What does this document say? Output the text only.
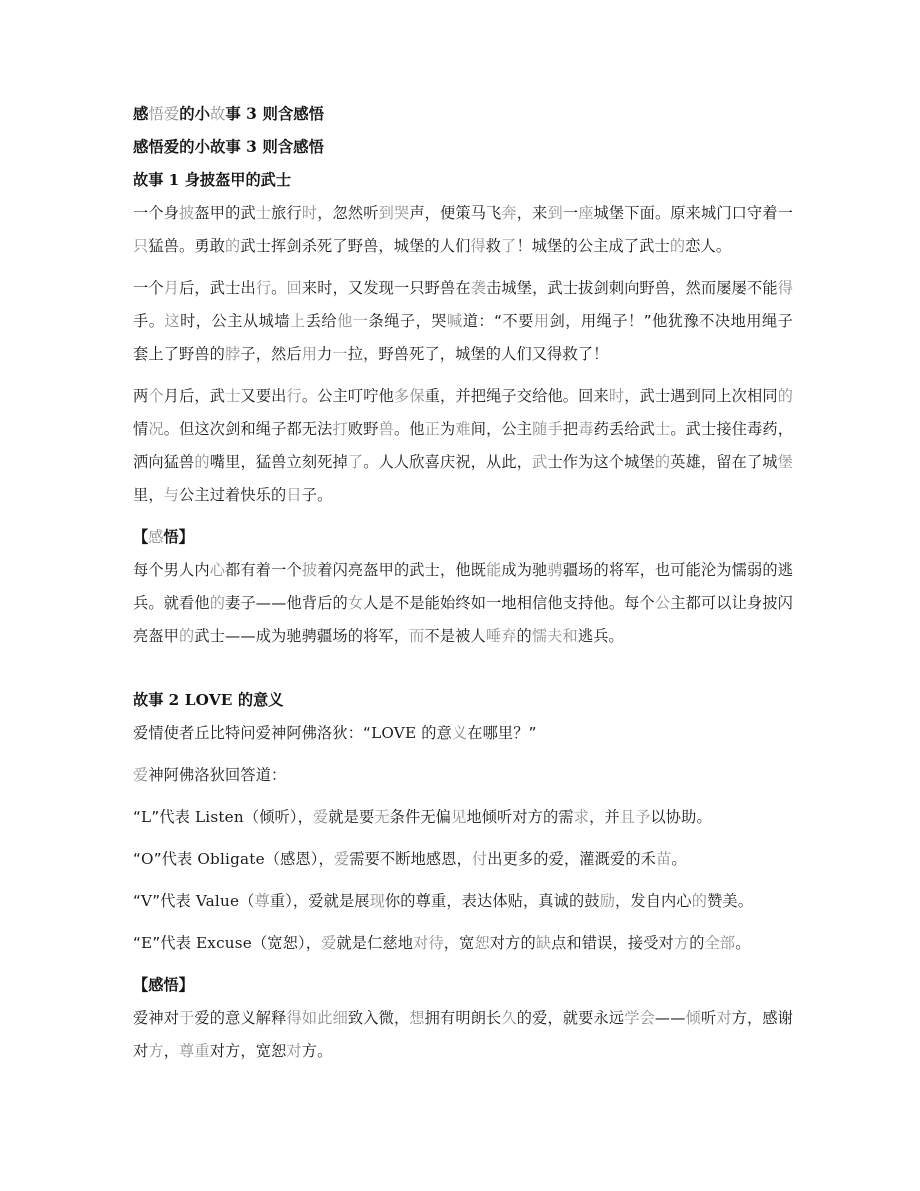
感悟爱的小故事 3 则含感悟

感悟爱的小故事 3 则含感悟

故事 1 身披盔甲的武士

一个身披盔甲的武士旅行时，忽然听到哭声，便策马飞奔，来到一座城堡下面。原来城门口守着一只猛兽。勇敢的武士挥剑杀死了野兽，城堡的人们得救了！城堡的公主成了武士的恋人。

一个月后，武士出行。回来时，又发现一只野兽在袭击城堡，武士拔剑刺向野兽，然而屡屡不能得手。这时，公主从城墙上丢给他一条绳子，哭喊道：“不要用剑，用绳子！”他犹豫不决地用绳子套上了野兽的脖子，然后用力一拉，野兽死了，城堡的人们又得救了！

两个月后，武士又要出行。公主叮咛他多保重，并把绳子交给他。回来时，武士遇到同上次相同的情况。但这次剑和绳子都无法打败野兽。他正为难间，公主随手把毒药丢给武士。武士接住毒药，洒向猛兽的嘴里，猛兽立刻死掉了。人人欣喜庆祝，从此，武士作为这个城堡的英雄，留在了城堡里，与公主过着快乐的日子。

【感悟】

每个男人内心都有着一个披着闪亮盔甲的武士，他既能成为驰骋疆场的将军，也可能沦为懦弱的逃兵。就看他的妻子——他背后的女人是不是能始终如一地相信他支持他。每个公主都可以让身披闪亮盔甲的武士——成为驰骋疆场的将军，而不是被人唾弃的懦夫和逃兵。

故事 2 LOVE 的意义

爱情使者丘比特问爱神阿佛洛狄：“LOVE 的意义在哪里？”

爱神阿佛洛狄回答道：

“L”代表 Listen（倾听），爱就是要无条件无偏见地倾听对方的需求，并且予以协助。

“O”代表 Obligate（感恩），爱需要不断地感恩，付出更多的爱，灌溉爱的禾苗。

“V”代表 Value（尊重），爱就是展现你的尊重，表达体贴，真诚的鼓励，发自内心的赞美。

“E”代表 Excuse（宽恕），爱就是仁慈地对待，宽恕对方的缺点和错误，接受对方的全部。

【感悟】

爱神对于爱的意义解释得如此细致入微，想拥有明朗长久的爱，就要永远学会——倾听对方，感谢对方，尊重对方，宽恕对方。
